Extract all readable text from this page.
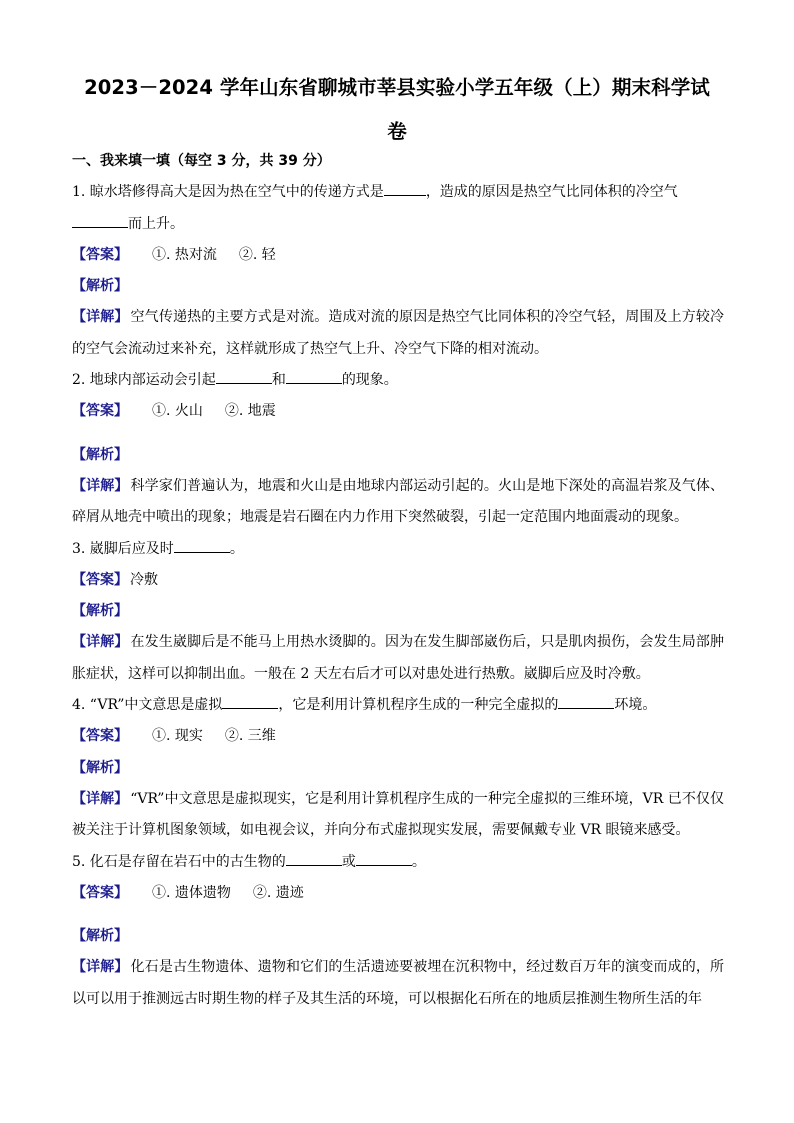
2023－2024 学年山东省聊城市莘县实验小学五年级（上）期末科学试
卷
一、我来填一填（每空 3 分，共 39 分）
1. 晾水塔修得高大是因为热在空气中的传递方式是	，造成的原因是热空气比同体积的冷空气
而上升。
【答案】 ①. 热对流 ②. 轻
【解析】
【详解】 空气传递热的主要方式是对流。造成对流的原因是热空气比同体积的冷空气轻，周围及上方较冷的空气会流动过来补充，这样就形成了热空气上升、冷空气下降的相对流动。
2. 地球内部运动会引起	和	的现象。
【答案】 ①. 火山 ②. 地震
【解析】
【详解】 科学家们普遍认为，地震和火山是由地球内部运动引起的。火山是地下深处的高温岩浆及气体、碎屑从地壳中喷出的现象；地震是岩石圈在内力作用下突然破裂，引起一定范围内地面震动的现象。
3. 崴脚后应及时	。
【答案】 冷敷
【解析】
【详解】 在发生崴脚后是不能马上用热水烫脚的。因为在发生脚部崴伤后，只是肌肉损伤，会发生局部肿胀症状，这样可以抑制出血。一般在 2 天左右后才可以对患处进行热敷。崴脚后应及时冷敷。
4. “VR”中文意思是虚拟	，它是利用计算机程序生成的一种完全虚拟的	环境。
【答案】 ①. 现实 ②. 三维
【解析】
【详解】 “VR”中文意思是虚拟现实，它是利用计算机程序生成的一种完全虚拟的三维环境，VR 已不仅仅被关注于计算机图象领域，如电视会议，并向分布式虚拟现实发展，需要佩戴专业 VR 眼镜来感受。
5. 化石是存留在岩石中的古生物的	或	。
【答案】 ①. 遗体遗物 ②. 遗迹
【解析】
【详解】 化石是古生物遗体、遗物和它们的生活遗迹要被埋在沉积物中，经过数百万年的演变而成的，所以可以用于推测远古时期生物的样子及其生活的环境，可以根据化石所在的地质层推测生物所生活的年
